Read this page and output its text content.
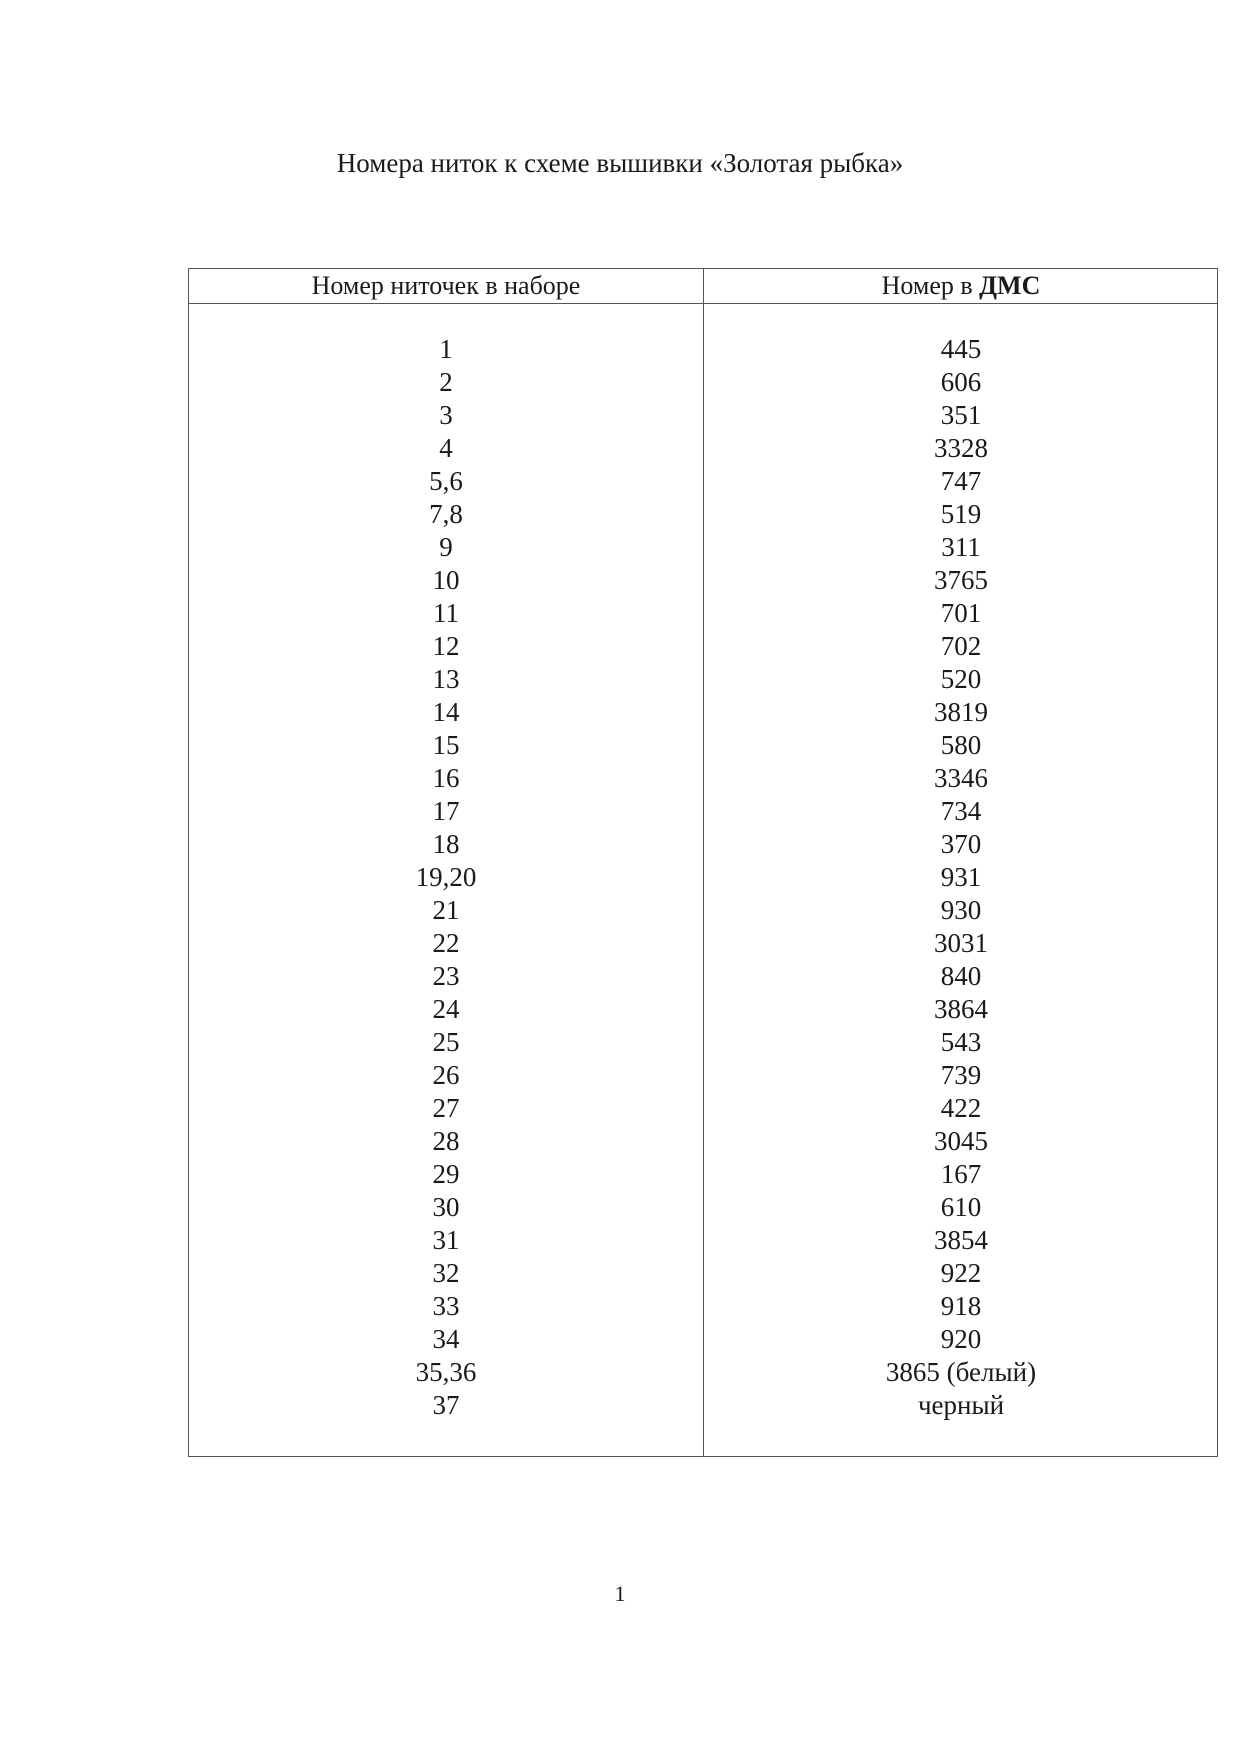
Номера ниток к схеме вышивки «Золотая рыбка»
Номер ниточек в наборе	Номер в ДМС
1
2
3
4
5,6
7,8
9
10
11
12
13
14
15
16
17
18
19,20
21
22
23
24
25
26
27
28
29
30
31
32
33
34
35,36
37
445
606
351
3328
747
519
311
3765
701
702
520
3819
580
3346
734
370
931
930
3031
840
3864
543
739
422
3045
167
610
3854
922
918
920
3865 (белый)
черный
1
